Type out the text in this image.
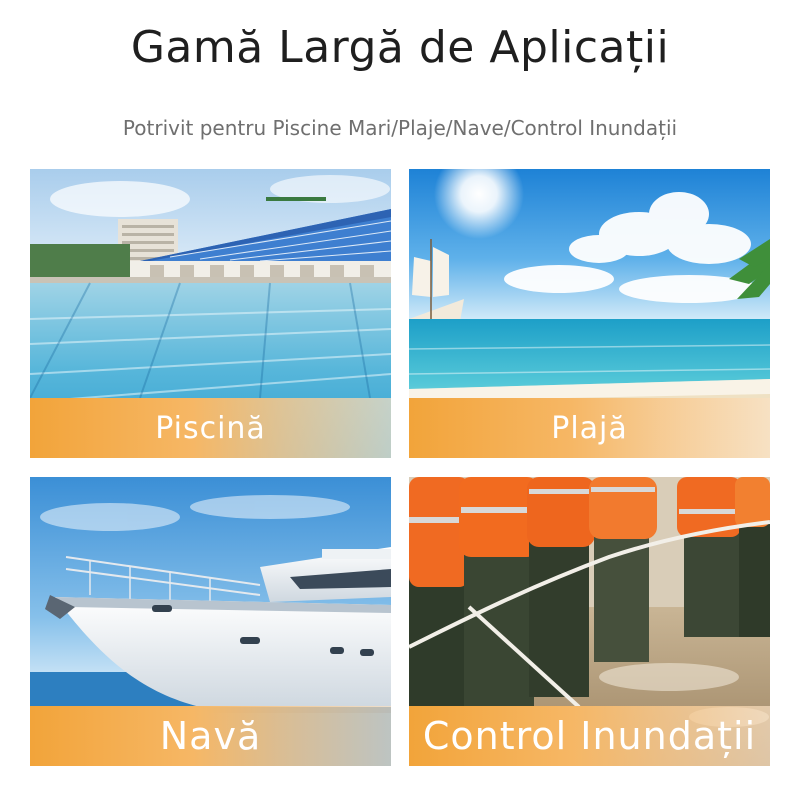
Gamă Largă de Aplicații

Potrivit pentru Piscine Mari/Plaje/Nave/Control Inundații

Piscină	Plajă
Navă	Control Inundații
